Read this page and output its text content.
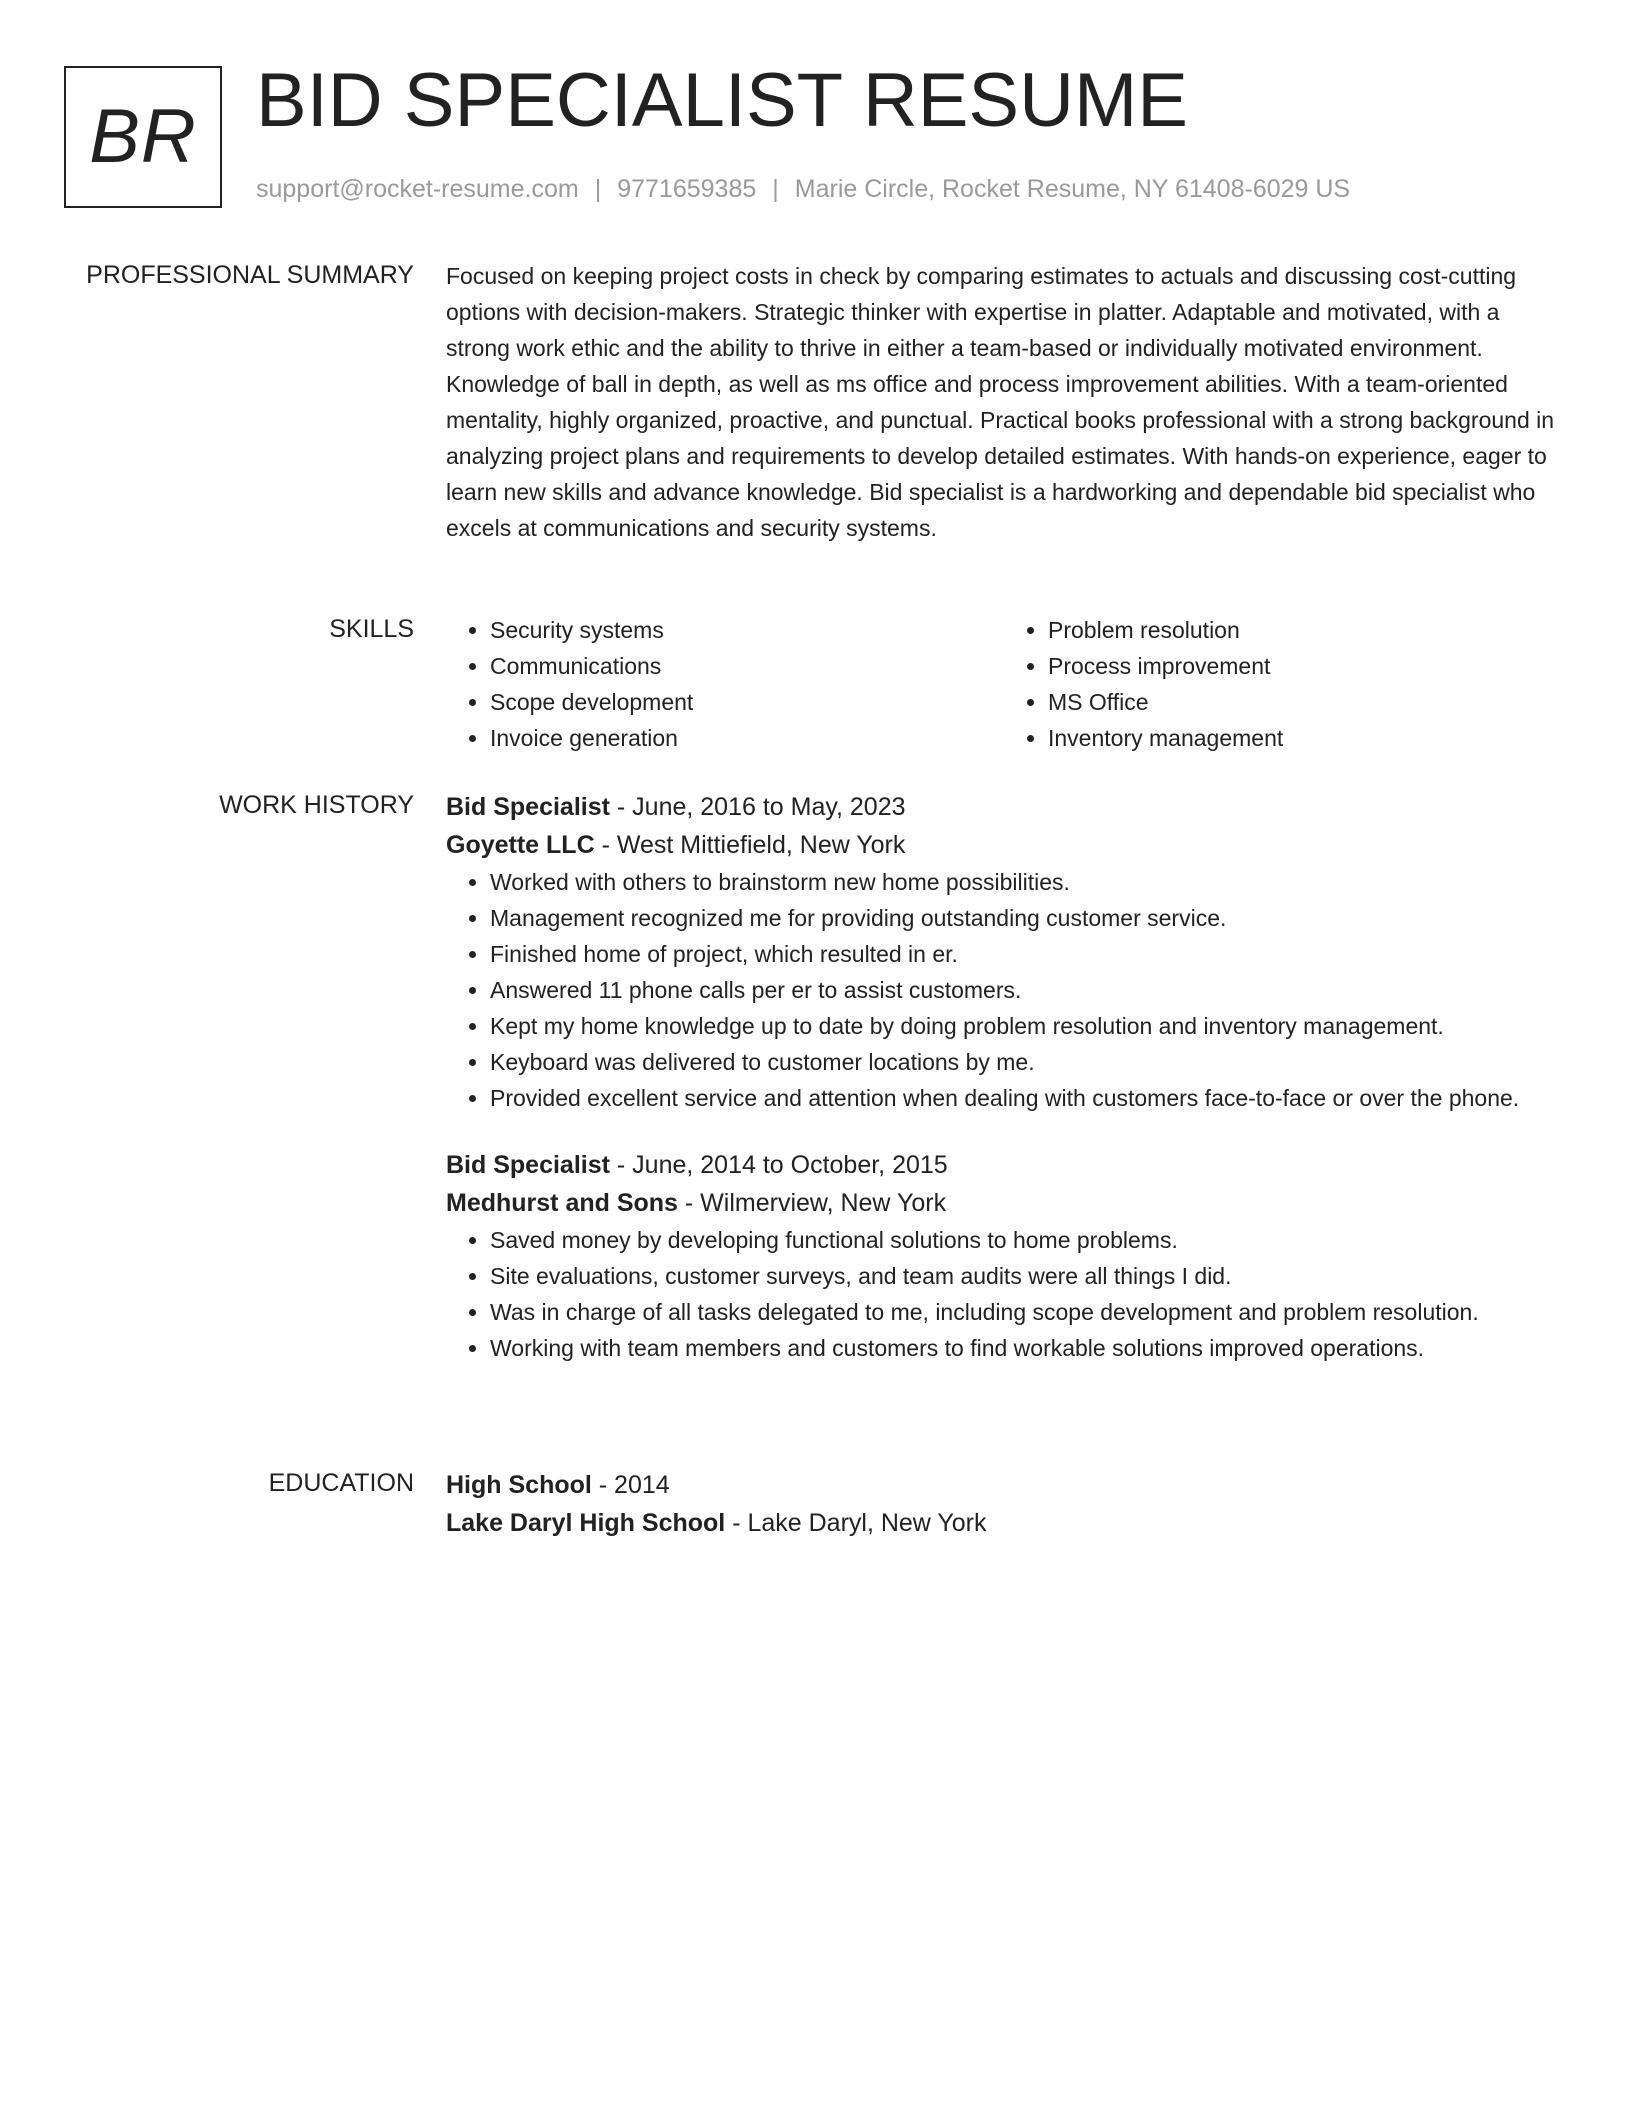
BR BID SPECIALIST RESUME
support@rocket-resume.com | 9771659385 | Marie Circle, Rocket Resume, NY 61408-6029 US
PROFESSIONAL SUMMARY Focused on keeping project costs in check by comparing estimates to actuals and discussing cost-cutting options with decision-makers. Strategic thinker with expertise in platter. Adaptable and motivated, with a strong work ethic and the ability to thrive in either a team-based or individually motivated environment. Knowledge of ball in depth, as well as ms office and process improvement abilities. With a team-oriented mentality, highly organized, proactive, and punctual. Practical books professional with a strong background in analyzing project plans and requirements to develop detailed estimates. With hands-on experience, eager to learn new skills and advance knowledge. Bid specialist is a hardworking and dependable bid specialist who excels at communications and security systems.

SKILLS
•	Security systems
• Communications
• Scope development
• Invoice generation
• Problem resolution
• Process improvement
• MS Office
• Inventory management
WORK HISTORY Bid Specialist - June, 2016 to May, 2023
Goyette LLC - West Mittiefield, New York
• Worked with others to brainstorm new home possibilities.
• Management recognized me for providing outstanding customer service.
• Finished home of project, which resulted in er.
• Answered 11 phone calls per er to assist customers.
• Kept my home knowledge up to date by doing problem resolution and inventory management.
• Keyboard was delivered to customer locations by me.
• Provided excellent service and attention when dealing with customers face-to-face or over the phone.
Bid Specialist - June, 2014 to October, 2015
Medhurst and Sons - Wilmerview, New York
• Saved money by developing functional solutions to home problems.
• Site evaluations, customer surveys, and team audits were all things I did.
• Was in charge of all tasks delegated to me, including scope development and problem resolution.
• Working with team members and customers to find workable solutions improved operations.
EDUCATION High School - 2014
Lake Daryl High School - Lake Daryl, New York
